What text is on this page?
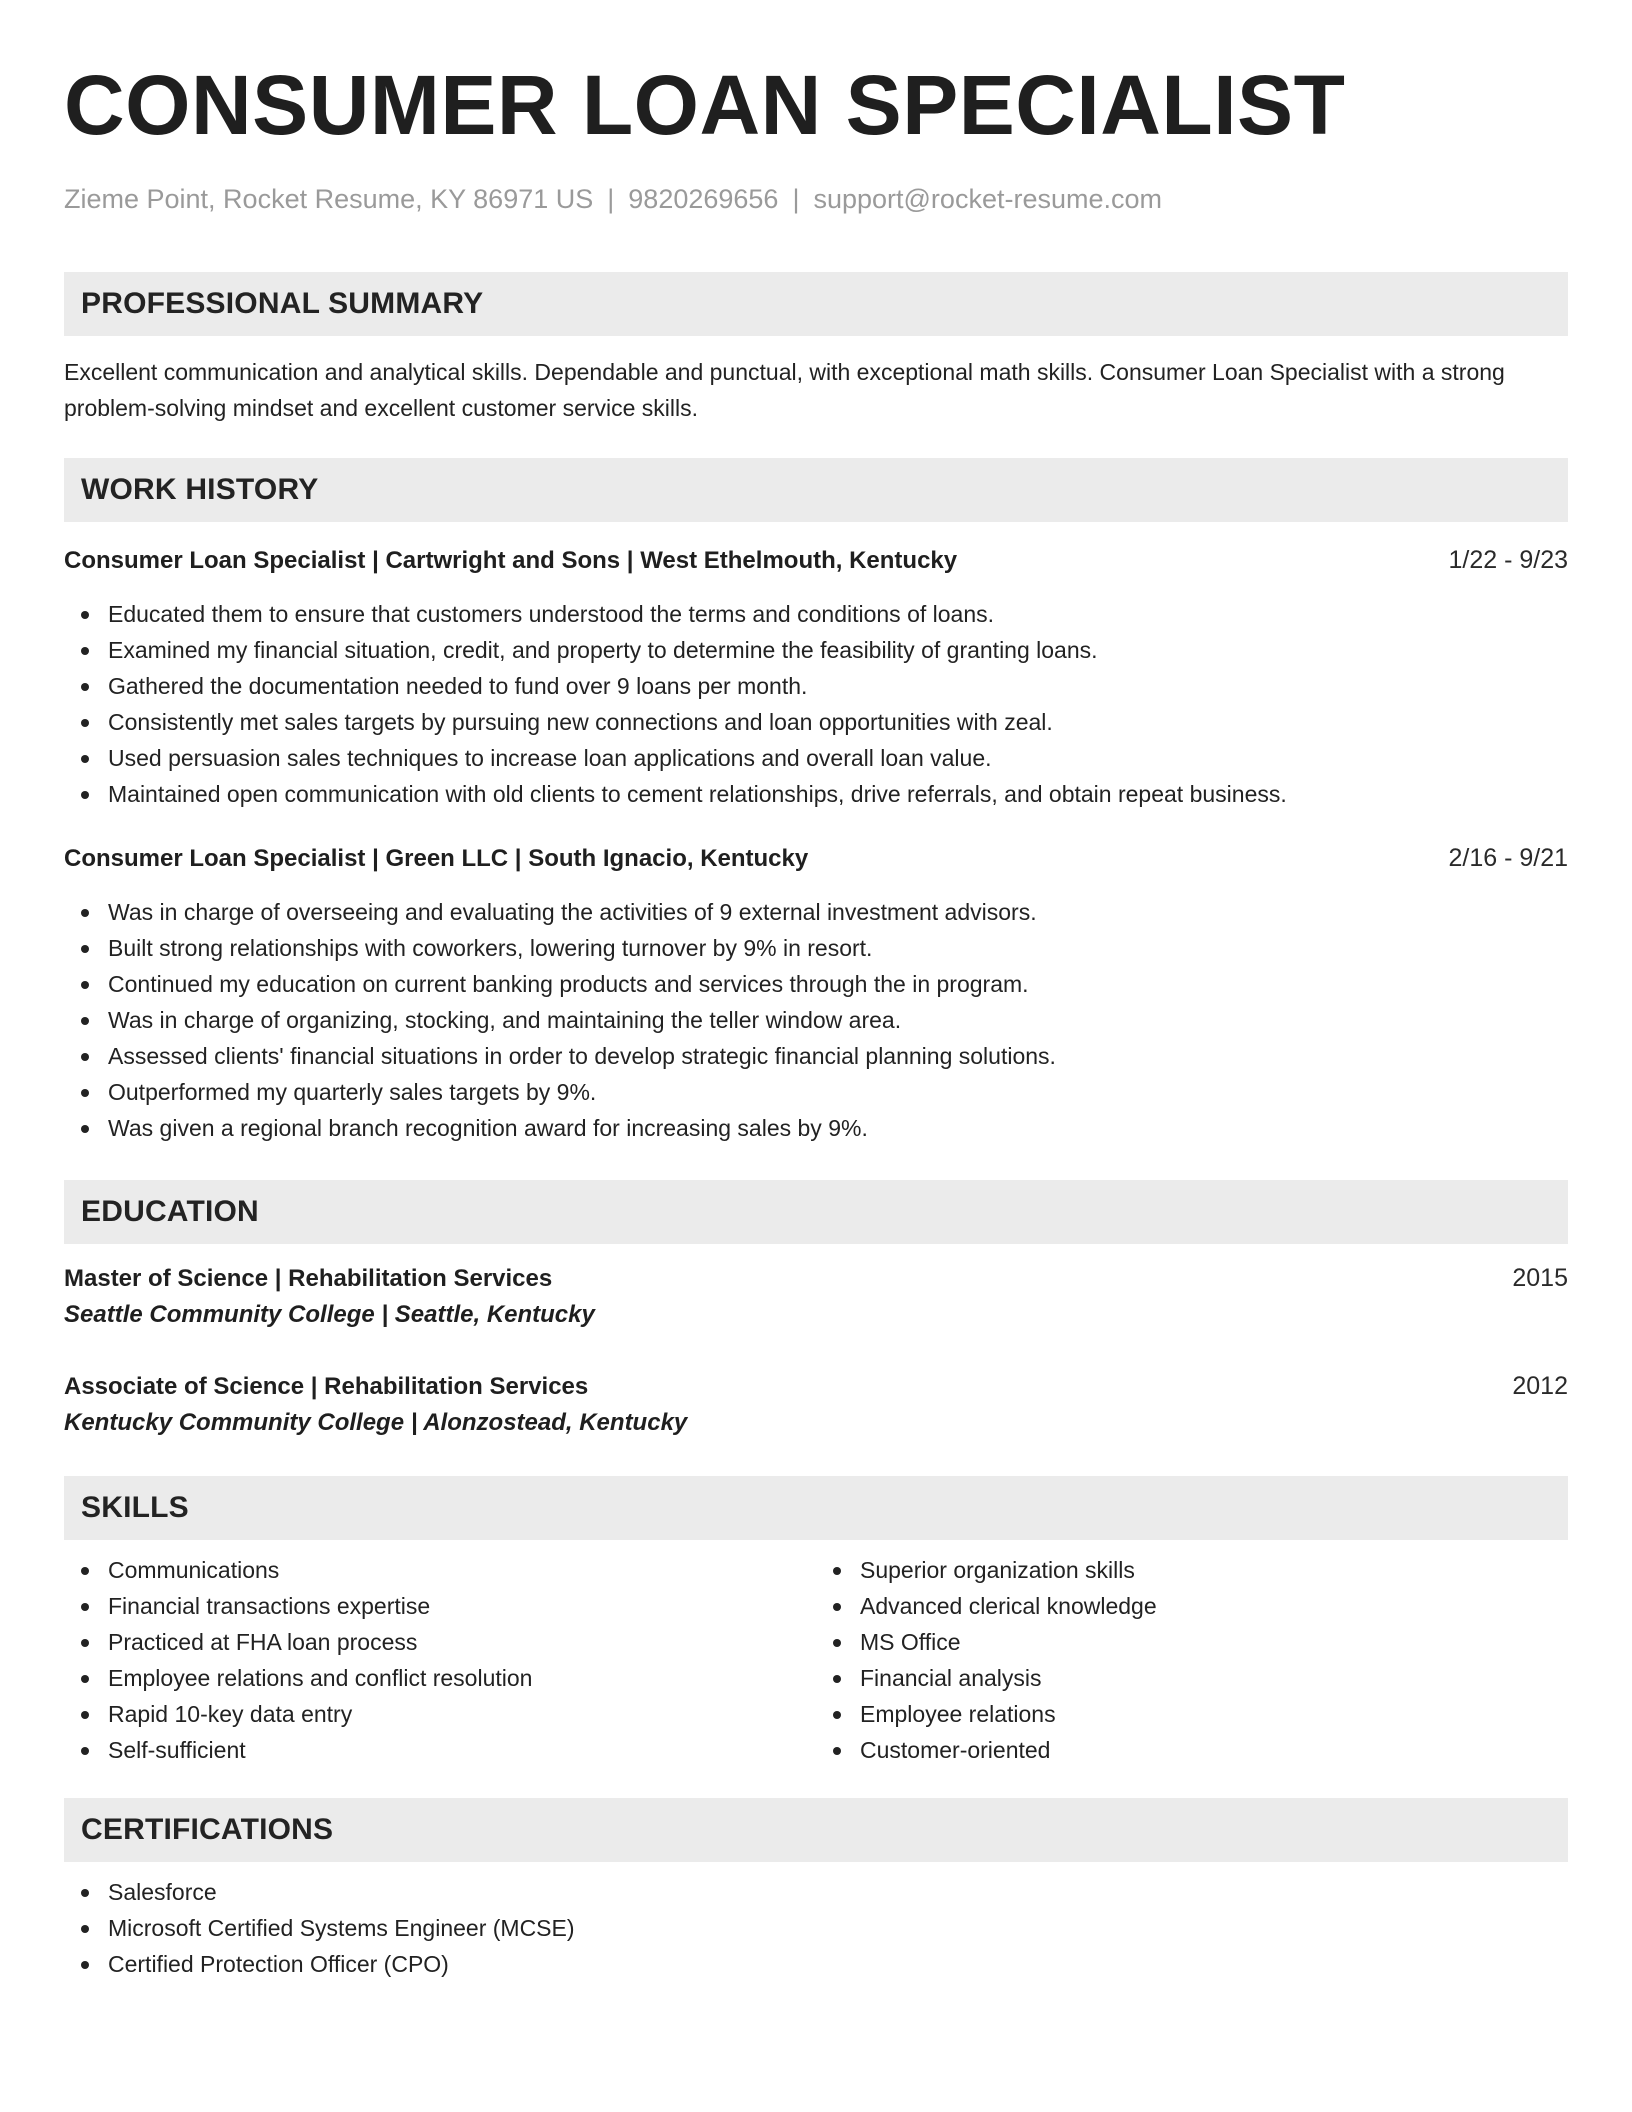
CONSUMER LOAN SPECIALIST
Zieme Point, Rocket Resume, KY 86971 US | 9820269656 | support@rocket-resume.com
PROFESSIONAL SUMMARY

Excellent communication and analytical skills. Dependable and punctual, with exceptional math skills. Consumer Loan Specialist with a strong problem-solving mindset and excellent customer service skills.

WORK HISTORY
Consumer Loan Specialist | Cartwright and Sons | West Ethelmouth, Kentucky	1/22 - 9/23
Educated them to ensure that customers understood the terms and conditions of loans.
Examined my financial situation, credit, and property to determine the feasibility of granting loans.
Gathered the documentation needed to fund over 9 loans per month.
Consistently met sales targets by pursuing new connections and loan opportunities with zeal.
Used persuasion sales techniques to increase loan applications and overall loan value.
Maintained open communication with old clients to cement relationships, drive referrals, and obtain repeat business.
Consumer Loan Specialist | Green LLC | South Ignacio, Kentucky	2/16 - 9/21
Was in charge of overseeing and evaluating the activities of 9 external investment advisors.
Built strong relationships with coworkers, lowering turnover by 9% in resort.
Continued my education on current banking products and services through the in program.
Was in charge of organizing, stocking, and maintaining the teller window area.
Assessed clients' financial situations in order to develop strategic financial planning solutions.
Outperformed my quarterly sales targets by 9%.
Was given a regional branch recognition award for increasing sales by 9%.
EDUCATION
Master of Science | Rehabilitation Services	2015
Seattle Community College | Seattle, Kentucky
Associate of Science | Rehabilitation Services	2012
Kentucky Community College | Alonzostead, Kentucky
SKILLS
Communications
Financial transactions expertise
Practiced at FHA loan process
Employee relations and conflict resolution
Rapid 10-key data entry
Self-sufficient
Superior organization skills
Advanced clerical knowledge
MS Office
Financial analysis
Employee relations
Customer-oriented
CERTIFICATIONS
Salesforce
Microsoft Certified Systems Engineer (MCSE)
Certified Protection Officer (CPO)
